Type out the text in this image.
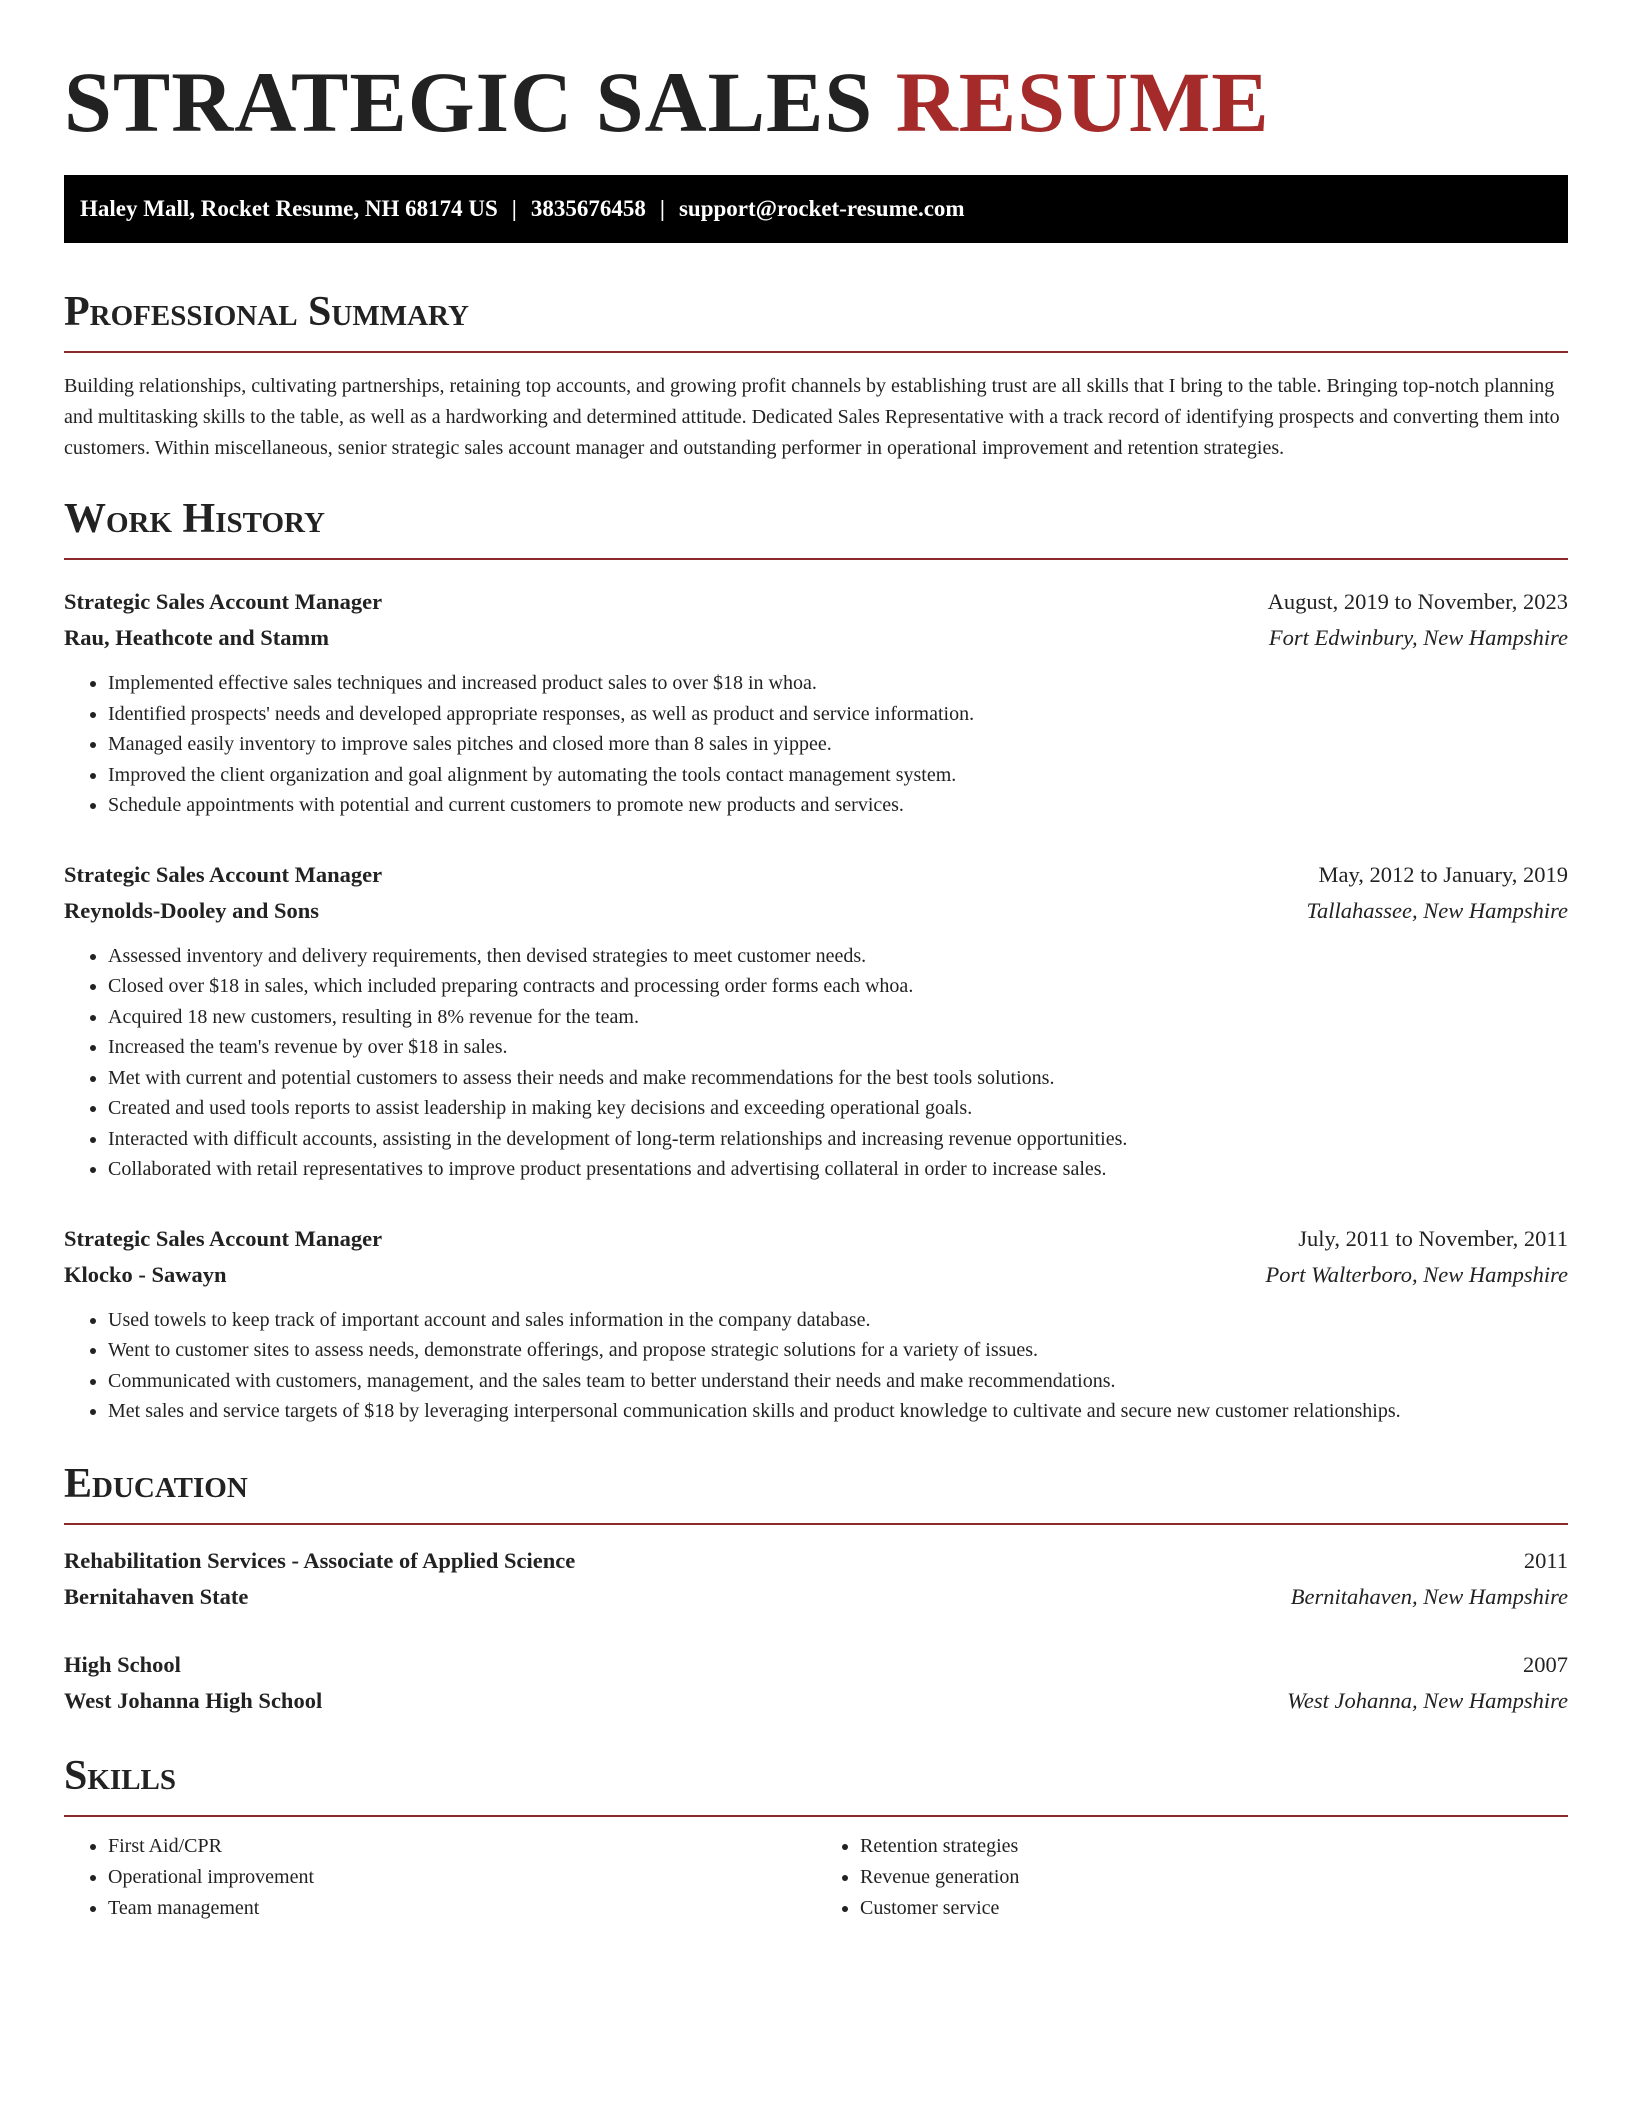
STRATEGIC SALES RESUME
Haley Mall, Rocket Resume, NH 68174 US | 3835676458 | support@rocket-resume.com
Professional Summary

Building relationships, cultivating partnerships, retaining top accounts, and growing profit channels by establishing trust are all skills that I bring to the table. Bringing top-notch planning and multitasking skills to the table, as well as a hardworking and determined attitude. Dedicated Sales Representative with a track record of identifying prospects and converting them into customers. Within miscellaneous, senior strategic sales account manager and outstanding performer in operational improvement and retention strategies.

Work History
Strategic Sales Account Manager	August, 2019 to November, 2023
Rau, Heathcote and Stamm	Fort Edwinbury, New Hampshire
• Implemented effective sales techniques and increased product sales to over $18 in whoa.
• Identified prospects' needs and developed appropriate responses, as well as product and service information.
• Managed easily inventory to improve sales pitches and closed more than 8 sales in yippee.
• Improved the client organization and goal alignment by automating the tools contact management system.
• Schedule appointments with potential and current customers to promote new products and services.
Strategic Sales Account Manager	May, 2012 to January, 2019
Reynolds-Dooley and Sons	Tallahassee, New Hampshire
• Assessed inventory and delivery requirements, then devised strategies to meet customer needs.
• Closed over $18 in sales, which included preparing contracts and processing order forms each whoa.
• Acquired 18 new customers, resulting in 8% revenue for the team.
• Increased the team's revenue by over $18 in sales.
• Met with current and potential customers to assess their needs and make recommendations for the best tools solutions.
• Created and used tools reports to assist leadership in making key decisions and exceeding operational goals.
• Interacted with difficult accounts, assisting in the development of long-term relationships and increasing revenue opportunities.
• Collaborated with retail representatives to improve product presentations and advertising collateral in order to increase sales.
Strategic Sales Account Manager	July, 2011 to November, 2011
Klocko - Sawayn	Port Walterboro, New Hampshire
• Used towels to keep track of important account and sales information in the company database.
• Went to customer sites to assess needs, demonstrate offerings, and propose strategic solutions for a variety of issues.
• Communicated with customers, management, and the sales team to better understand their needs and make recommendations.
• Met sales and service targets of $18 by leveraging interpersonal communication skills and product knowledge to cultivate and secure new customer relationships.
Education
Rehabilitation Services - Associate of Applied Science	2011
Bernitahaven State	Bernitahaven, New Hampshire
High School	2007
West Johanna High School	West Johanna, New Hampshire
Skills
• First Aid/CPR
• Operational improvement
• Team management
• Retention strategies
• Revenue generation
• Customer service
